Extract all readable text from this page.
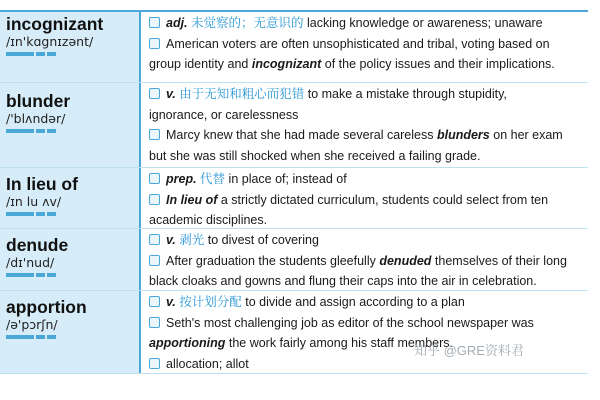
incognizant
/ɪn'kɑgnɪzənt/
adj. 未觉察的；无意识的 lacking knowledge or awareness; unaware
American voters are often unsophisticated and tribal, voting based on
group identity and incognizant of the policy issues and their implications.
blunder
/'blʌndər/
v. 由于无知和粗心而犯错 to make a mistake through stupidity,
ignorance, or carelessness
Marcy knew that she had made several careless blunders on her exam
but she was still shocked when she received a failing grade.
In lieu of
/ɪn lu ʌv/
prep. 代替 in place of; instead of
In lieu of a strictly dictated curriculum, students could select from ten
academic disciplines.
denude
/dɪ'nud/
v. 剥光 to divest of covering
After graduation the students gleefully denuded themselves of their long
black cloaks and gowns and flung their caps into the air in celebration.
apportion
/ə'pɔrʃn/
v. 按计划分配 to divide and assign according to a plan
Seth's most challenging job as editor of the school newspaper was
apportioning the work fairly among his staff members.
allocation; allot
知乎 @GRE资料君
